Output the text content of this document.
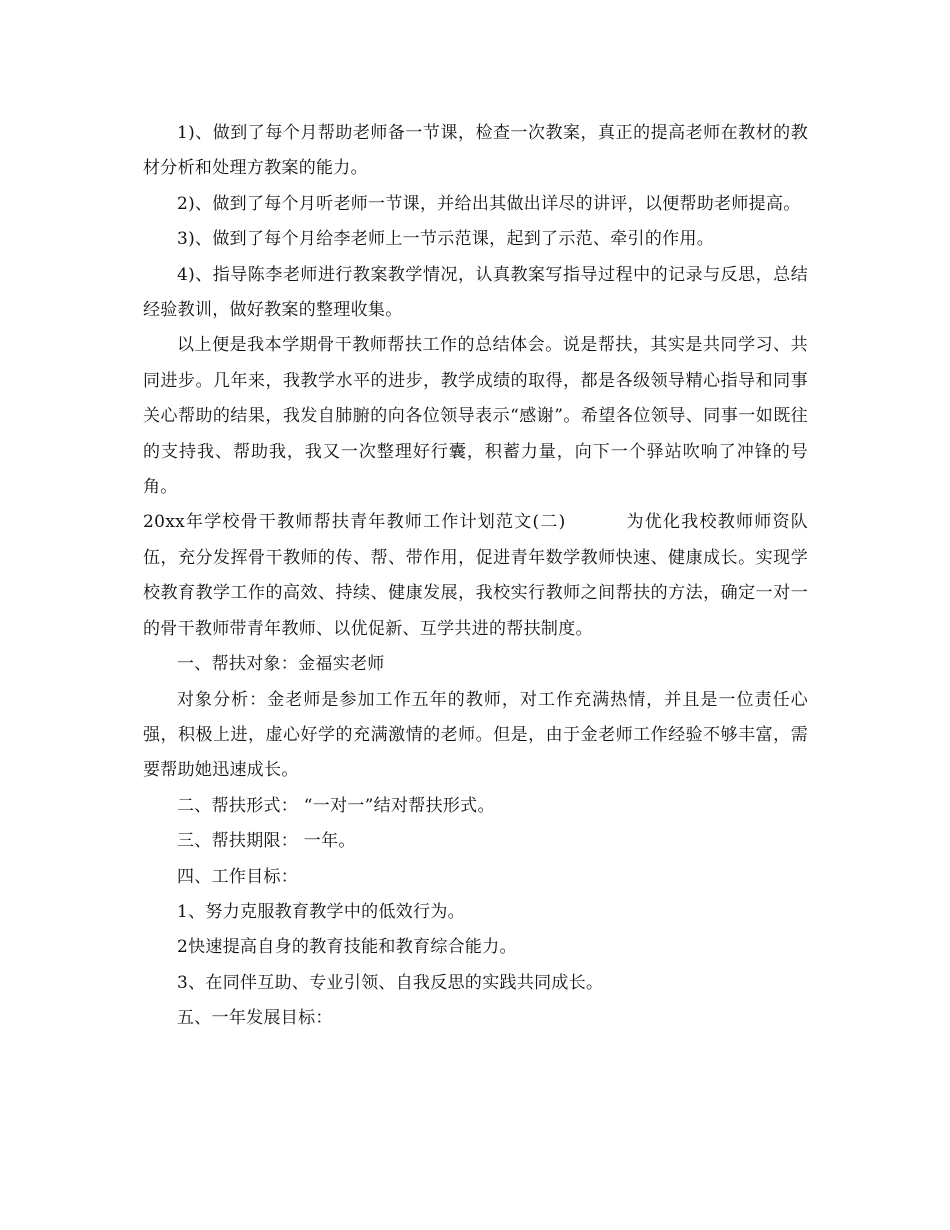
1)、做到了每个月帮助老师备一节课，检查一次教案，真正的提高老师在教材的教材分析和处理方教案的能力。

2)、做到了每个月听老师一节课，并给出其做出详尽的讲评，以便帮助老师提高。

3)、做到了每个月给李老师上一节示范课，起到了示范、牵引的作用。

4)、指导陈李老师进行教案教学情况，认真教案写指导过程中的记录与反思，总结经验教训，做好教案的整理收集。

以上便是我本学期骨干教师帮扶工作的总结体会。说是帮扶，其实是共同学习、共同进步。几年来，我教学水平的进步，教学成绩的取得，都是各级领导精心指导和同事关心帮助的结果，我发自肺腑的向各位领导表示“感谢”。希望各位领导、同事一如既往的支持我、帮助我，我又一次整理好行囊，积蓄力量，向下一个驿站吹响了冲锋的号角。

20xx年学校骨干教师帮扶青年教师工作计划范文(二)	为优化我校教师师资队伍，充分发挥骨干教师的传、帮、带作用，促进青年数学教师快速、健康成长。实现学校教育教学工作的高效、持续、健康发展，我校实行教师之间帮扶的方法，确定一对一的骨干教师带青年教师、以优促新、互学共进的帮扶制度。

一、帮扶对象：金福实老师

对象分析：金老师是参加工作五年的教师，对工作充满热情，并且是一位责任心强，积极上进，虚心好学的充满激情的老师。但是，由于金老师工作经验不够丰富，需要帮助她迅速成长。

二、帮扶形式： “一对一”结对帮扶形式。

三、帮扶期限： 一年。

四、工作目标：

1、努力克服教育教学中的低效行为。

2快速提高自身的教育技能和教育综合能力。

3、在同伴互助、专业引领、自我反思的实践共同成长。

五、一年发展目标：
